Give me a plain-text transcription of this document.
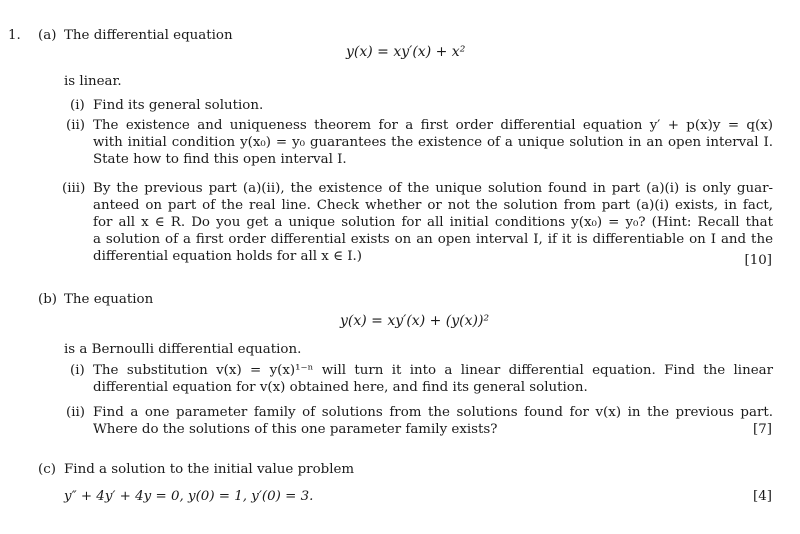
1. (a) The differential equation
y(x) = xy′(x) + x²
is linear.
(i) Find its general solution.
(ii) The existence and uniqueness theorem for a first order differential equation y′ + p(x)y = q(x)

with initial condition y(x₀) = y₀ guarantees the existence of a unique solution in an open interval I.

State how to find this open interval I.

(iii) By the previous part (a)(ii), the existence of the unique solution found in part (a)(i) is only guar-

anteed on part of the real line. Check whether or not the solution from part (a)(i) exists, in fact,

for all x ∈ R. Do you get a unique solution for all initial conditions y(x₀) = y₀? (Hint: Recall that

a solution of a first order differential exists on an open interval I, if it is differentiable on I and the

differential equation holds for all x ∈ I.)	[10]
(b) The equation
y(x) = xy′(x) + (y(x))²
is a Bernoulli differential equation.
(i) The substitution v(x) = y(x)¹⁻ⁿ will turn it into a linear differential equation. Find the linear

differential equation for v(x) obtained here, and find its general solution.

(ii) Find a one parameter family of solutions from the solutions found for v(x) in the previous part.

Where do the solutions of this one parameter family exists?	[7]
(c) Find a solution to the initial value problem
y″ + 4y′ + 4y = 0, y(0) = 1, y′(0) = 3.	[4]
